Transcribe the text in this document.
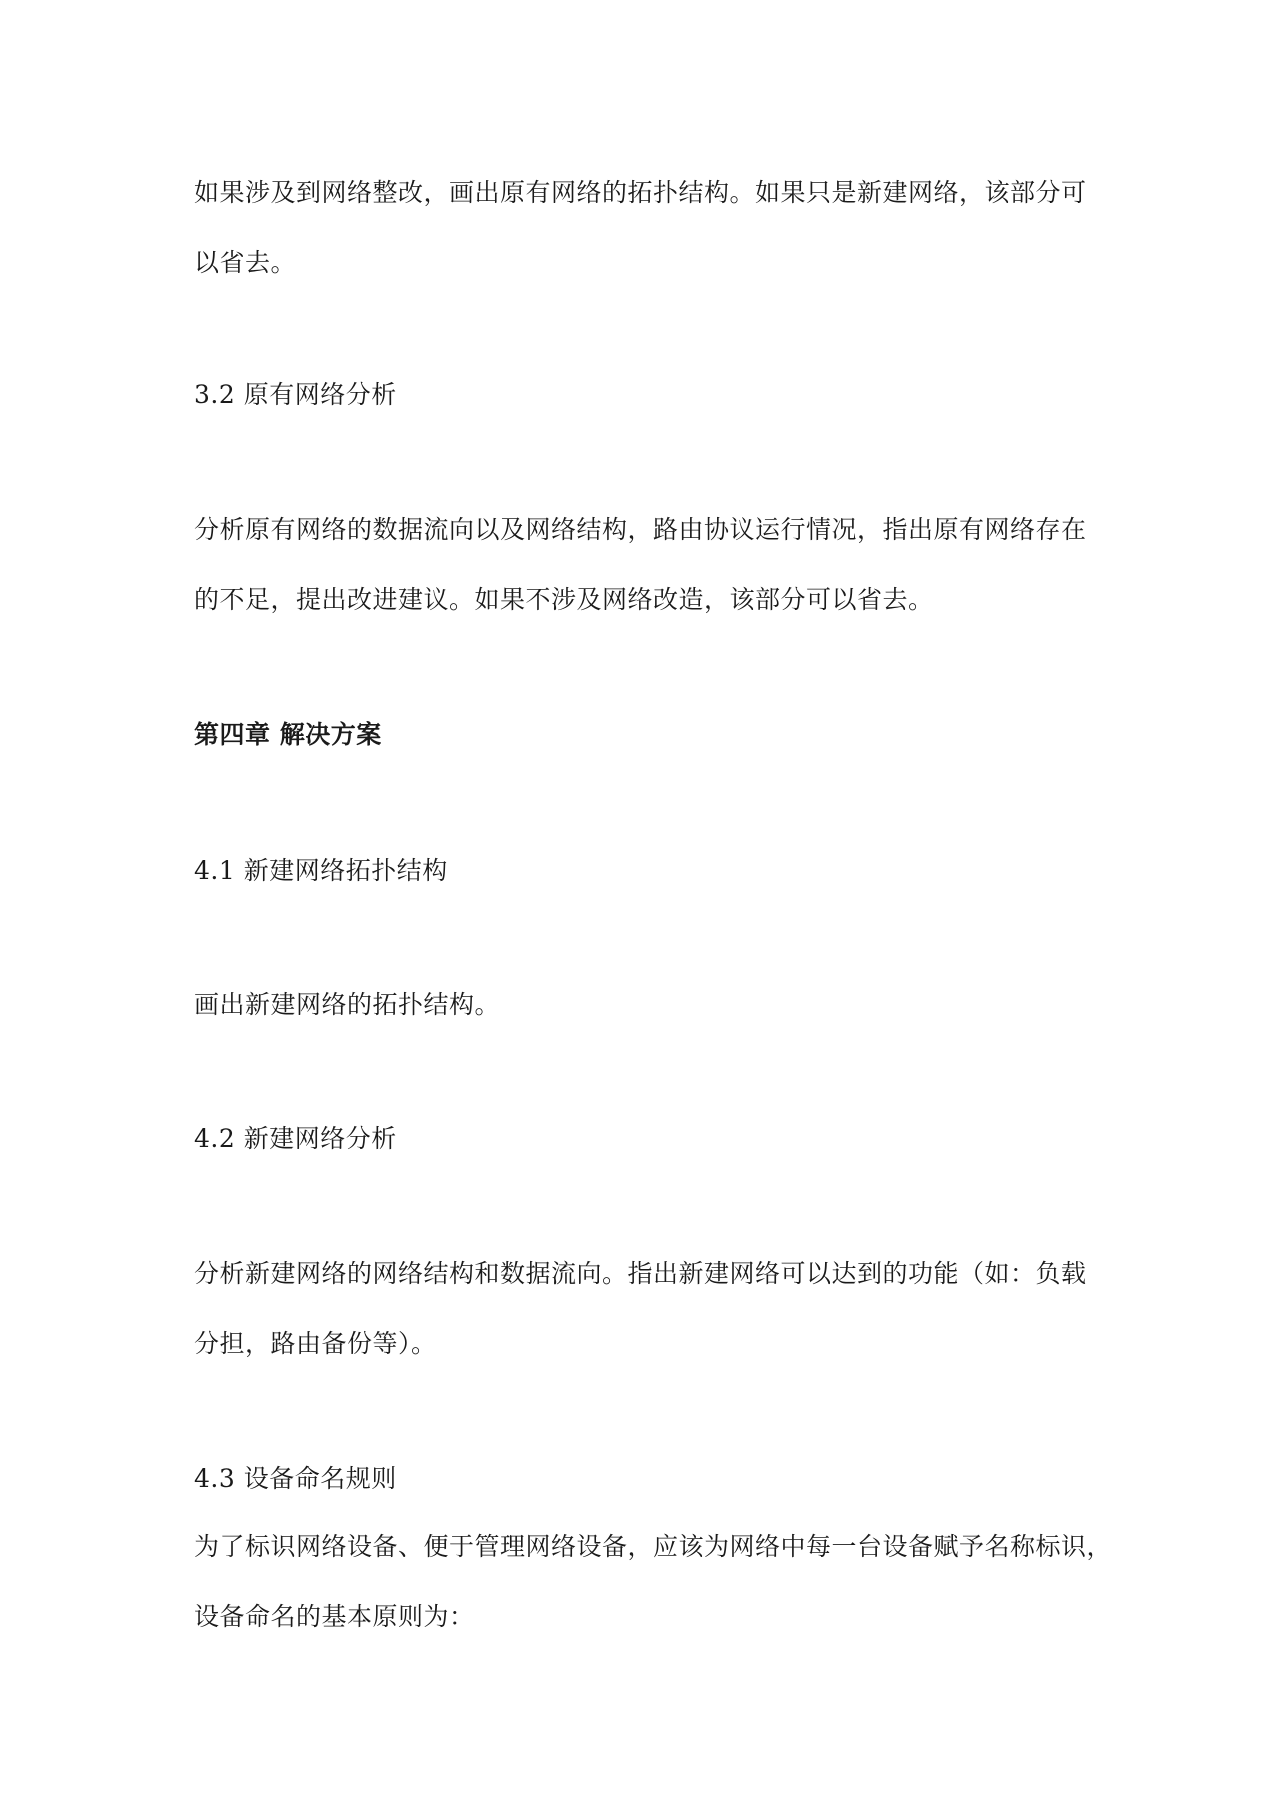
如果涉及到网络整改，画出原有网络的拓扑结构。如果只是新建网络，该部分可
以省去。
3.2 原有网络分析
分析原有网络的数据流向以及网络结构，路由协议运行情况，指出原有网络存在
的不足，提出改进建议。如果不涉及网络改造，该部分可以省去。
第四章 解决方案
4.1 新建网络拓扑结构
画出新建网络的拓扑结构。
4.2 新建网络分析
分析新建网络的网络结构和数据流向。指出新建网络可以达到的功能（如：负载
分担，路由备份等）。
4.3 设备命名规则
为了标识网络设备、便于管理网络设备，应该为网络中每一台设备赋予名称标识，
设备命名的基本原则为：
